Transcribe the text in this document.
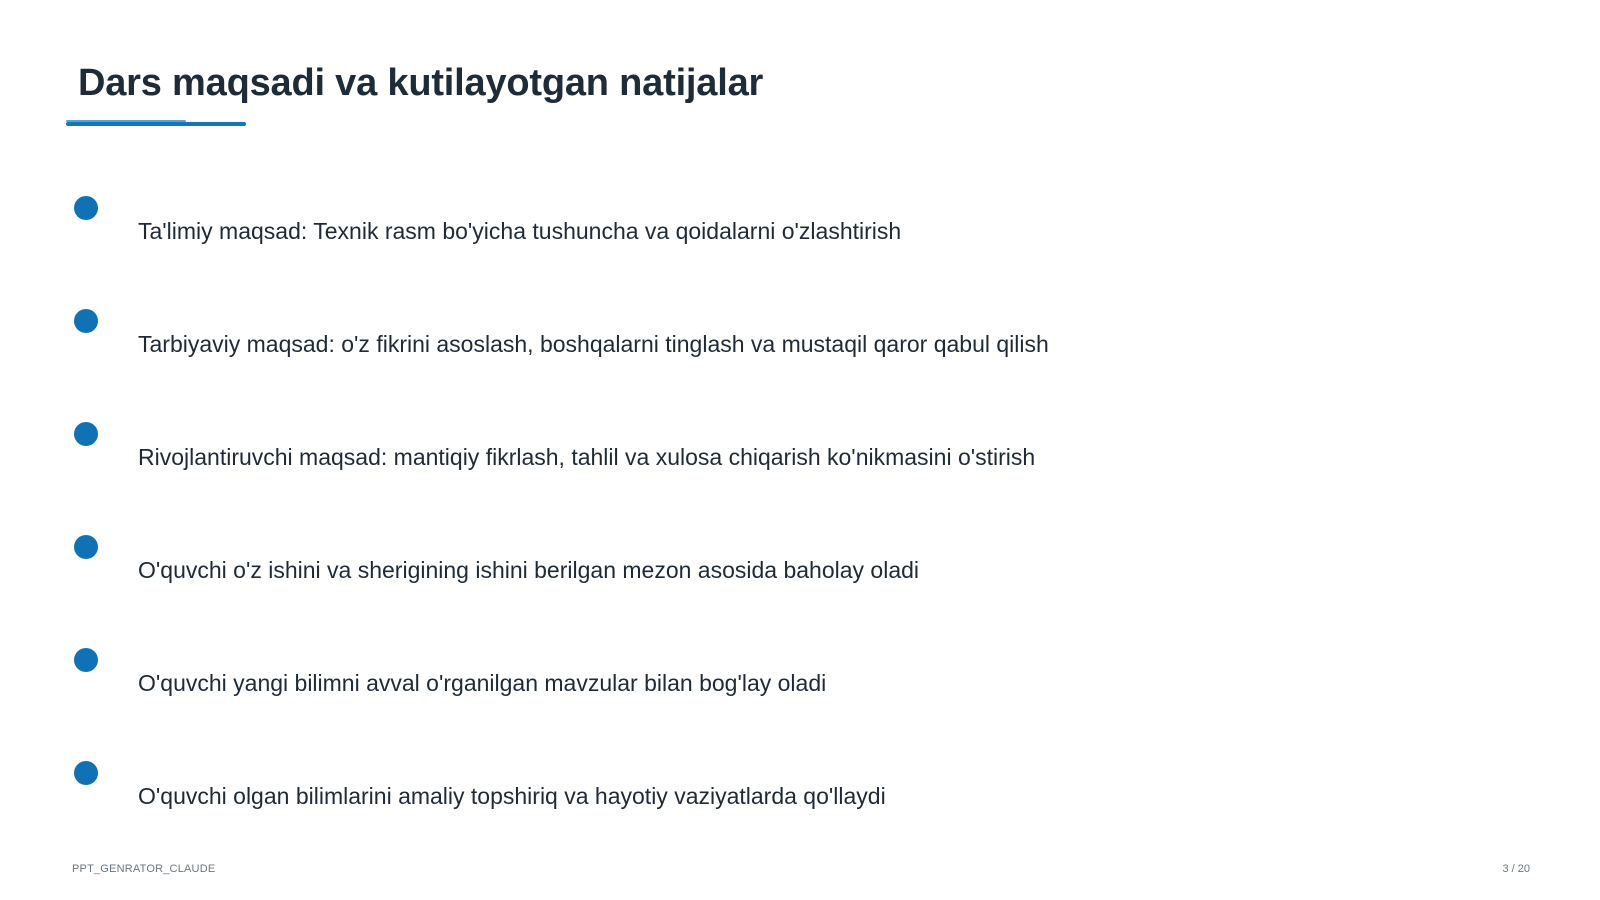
Dars maqsadi va kutilayotgan natijalar
Ta'limiy maqsad: Texnik rasm bo'yicha tushuncha va qoidalarni o'zlashtirish
Tarbiyaviy maqsad: o'z fikrini asoslash, boshqalarni tinglash va mustaqil qaror qabul qilish
Rivojlantiruvchi maqsad: mantiqiy fikrlash, tahlil va xulosa chiqarish ko'nikmasini o'stirish
O'quvchi o'z ishini va sherigining ishini berilgan mezon asosida baholay oladi
O'quvchi yangi bilimni avval o'rganilgan mavzular bilan bog'lay oladi
O'quvchi olgan bilimlarini amaliy topshiriq va hayotiy vaziyatlarda qo'llaydi
PPT_GENRATOR_CLAUDE	3 / 20
